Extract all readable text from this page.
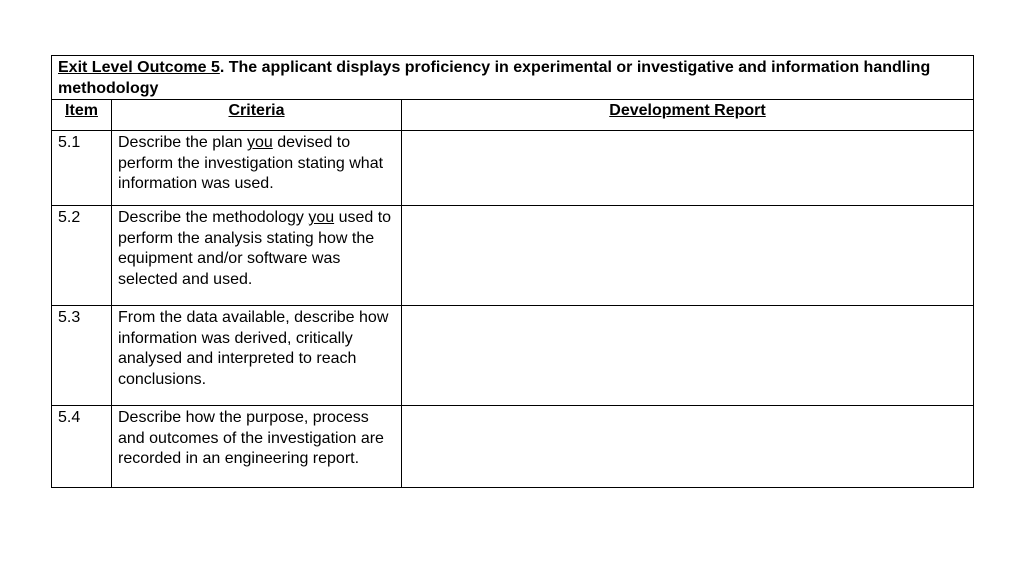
Exit Level Outcome 5. The applicant displays proficiency in experimental or investigative and information handling methodology		
Item	Criteria	Development Report
5.1	Describe the plan you devised to perform the investigation stating what information was used.	
5.2	Describe the methodology you used to perform the analysis stating how the equipment and/or software was selected and used.	
5.3	From the data available, describe how information was derived, critically analysed and interpreted to reach conclusions.	
5.4	Describe how the purpose, process and outcomes of the investigation are recorded in an engineering report.	
